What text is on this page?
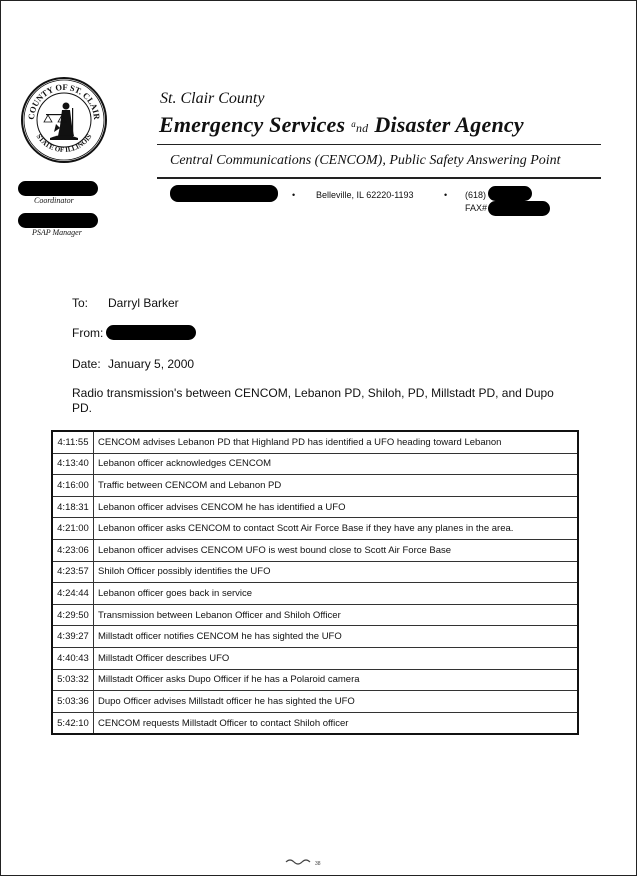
COUNTY OF ST. CLAIR
STATE OF ILLINOIS
St. Clair County
Emergency Services $^a$nd Disaster Agency
Central Communications (CENCOM), Public Safety Answering Point
Coordinator
PSAP Manager
• Belleville, IL 62220-1193	• (618)
FAX#
To: Darryl Barker
From:
Date: January 5, 2000
Radio transmission's between CENCOM, Lebanon PD, Shiloh, PD, Millstadt PD, and Dupo PD.
4:11:55	CENCOM advises Lebanon PD that Highland PD has identified a UFO heading toward Lebanon
4:13:40	Lebanon officer acknowledges CENCOM
4:16:00	Traffic between CENCOM and Lebanon PD
4:18:31	Lebanon officer advises CENCOM he has identified a UFO
4:21:00	Lebanon officer asks CENCOM to contact Scott Air Force Base if they have any planes in the area.
4:23:06	Lebanon officer advises CENCOM UFO is west bound close to Scott Air Force Base
4:23:57	Shiloh Officer possibly identifies the UFO
4:24:44	Lebanon officer goes back in service
4:29:50	Transmission between Lebanon Officer and Shiloh Officer
4:39:27	Millstadt officer notifies CENCOM he has sighted the UFO
4:40:43	Millstadt Officer describes UFO
5:03:32	Millstadt Officer asks Dupo Officer if he has a Polaroid camera
5:03:36	Dupo Officer advises Millstadt officer he has sighted the UFO
5:42:10	CENCOM requests Millstadt Officer to contact Shiloh officer
38
